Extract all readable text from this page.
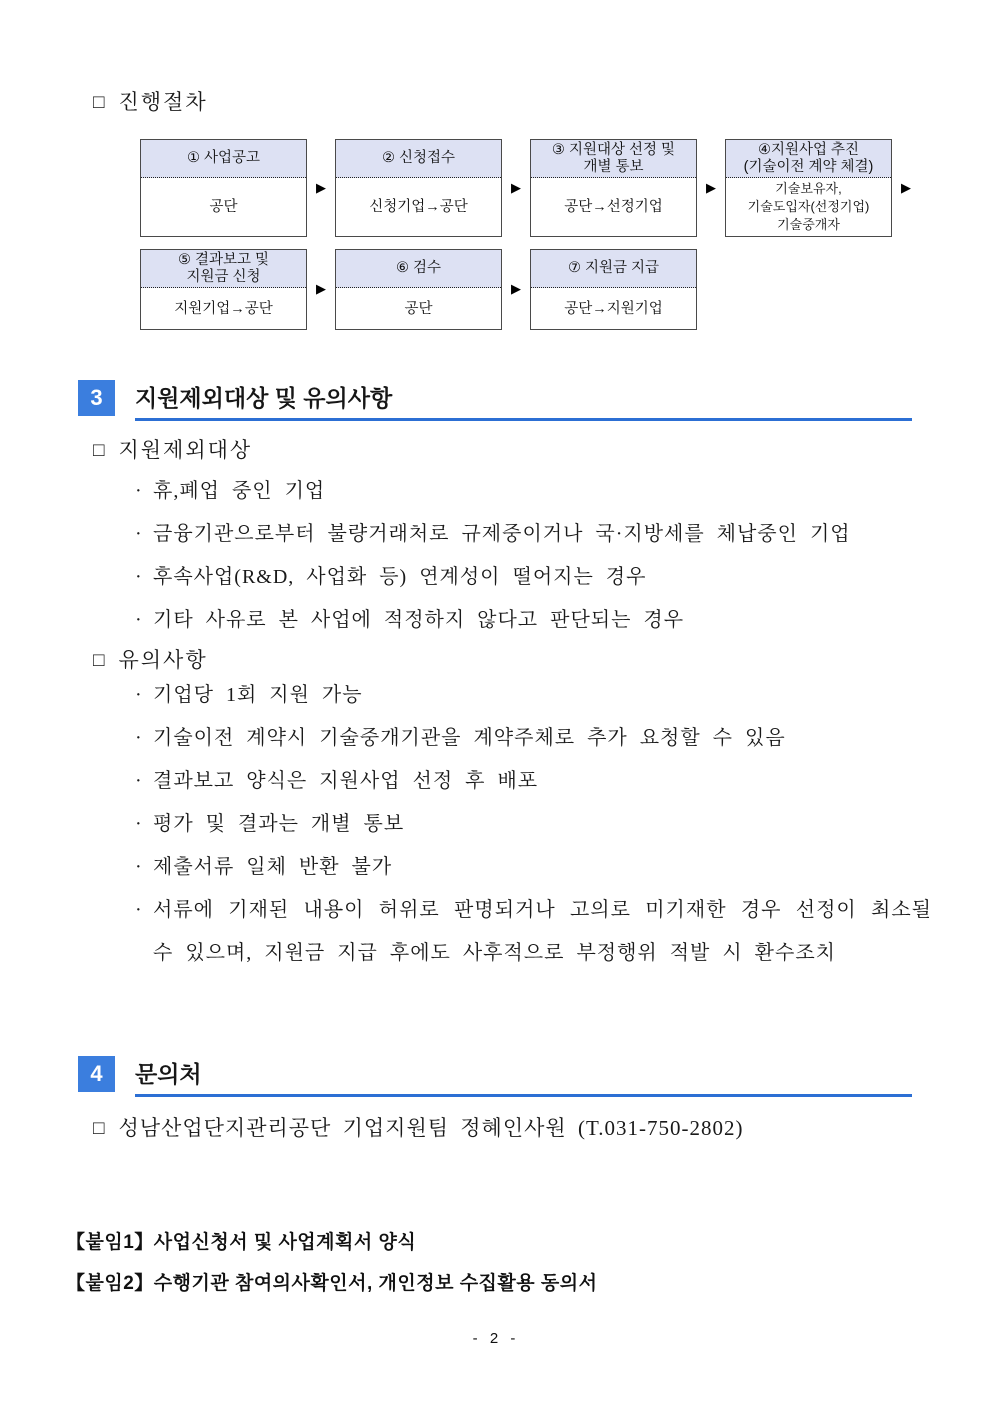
□ 진행절차
① 사업공고
공단
▶
② 신청접수
신청기업→공단
▶
③ 지원대상 선정 및
개별 통보
공단→선정기업
▶
④지원사업 추진
(기술이전 계약 체결)
기술보유자,
기술도입자(선정기업)
기술중개자
▶
⑤ 결과보고 및
지원금 신청
지원기업→공단
▶
⑥ 검수
공단
▶
⑦ 지원금 지급
공단→지원기업
3	지원제외대상 및 유의사항
□ 지원제외대상
· 휴,폐업 중인 기업
· 금융기관으로부터 불량거래처로 규제중이거나 국·지방세를 체납중인 기업
· 후속사업(R&D, 사업화 등) 연계성이 떨어지는 경우
· 기타 사유로 본 사업에 적정하지 않다고 판단되는 경우
□ 유의사항
· 기업당 1회 지원 가능
· 기술이전 계약시 기술중개기관을 계약주체로 추가 요청할 수 있음
· 결과보고 양식은 지원사업 선정 후 배포
· 평가 및 결과는 개별 통보
· 제출서류 일체 반환 불가
· 서류에 기재된 내용이 허위로 판명되거나 고의로 미기재한 경우 선정이 최소될 수 있으며, 지원금 지급 후에도 사후적으로 부정행위 적발 시 환수조치
4	문의처
□ 성남산업단지관리공단 기업지원팀 정혜인사원 (T.031-750-2802)
【붙임1】사업신청서 및 사업계획서 양식
【붙임2】수행기관 참여의사확인서, 개인정보 수집활용 동의서
- 2 -
